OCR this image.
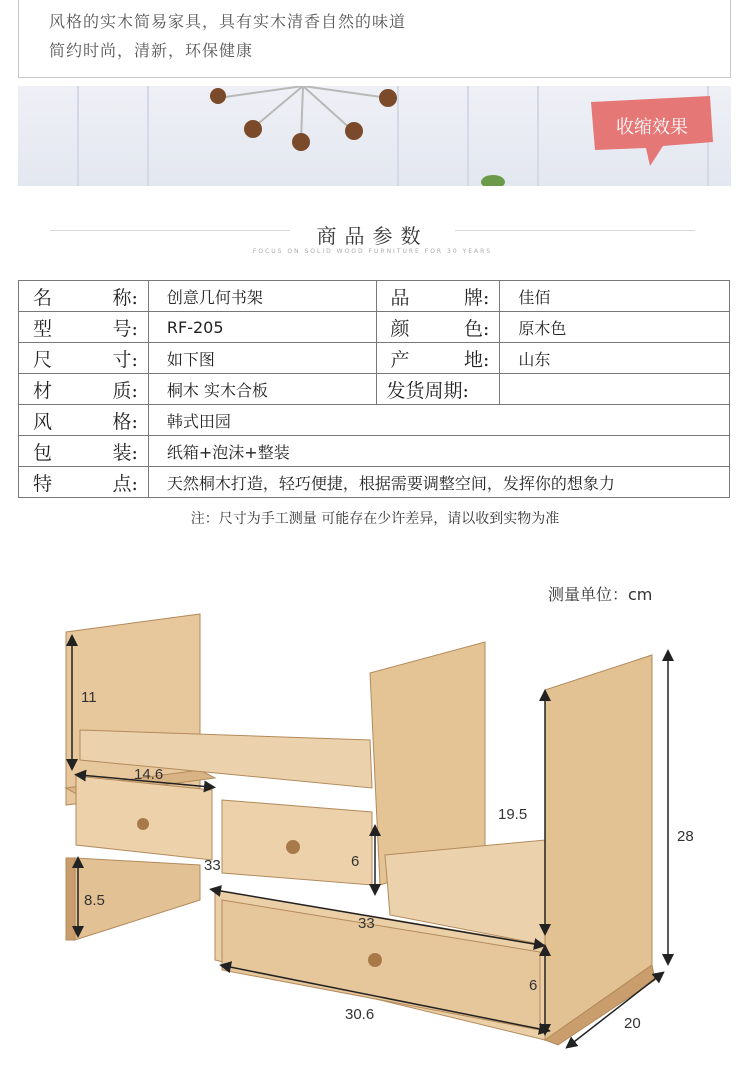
风格的实木简易家具，具有实木清香自然的味道
简约时尚，清新，环保健康
收缩效果
商品参数
FOCUS ON SOLID WOOD FURNITURE FOR 30 YEARS
名 称:	创意几何书架	品 牌:	佳佰

型 号:	RF-205	颜 色:	原木色

尺 寸:	如下图	产 地:	山东

材 质:	桐木 实木合板	发货周期:	

风 格:	韩式田园		

包 装:	纸箱+泡沫+整装		

特 点:	天然桐木打造，轻巧便捷，根据需要调整空间，发挥你的想象力		
注：尺寸为手工测量 可能存在少许差异，请以收到实物为准
测量单位：cm
11
14.6
8.5
33	6
19.5
28
33
6
30.6
20
